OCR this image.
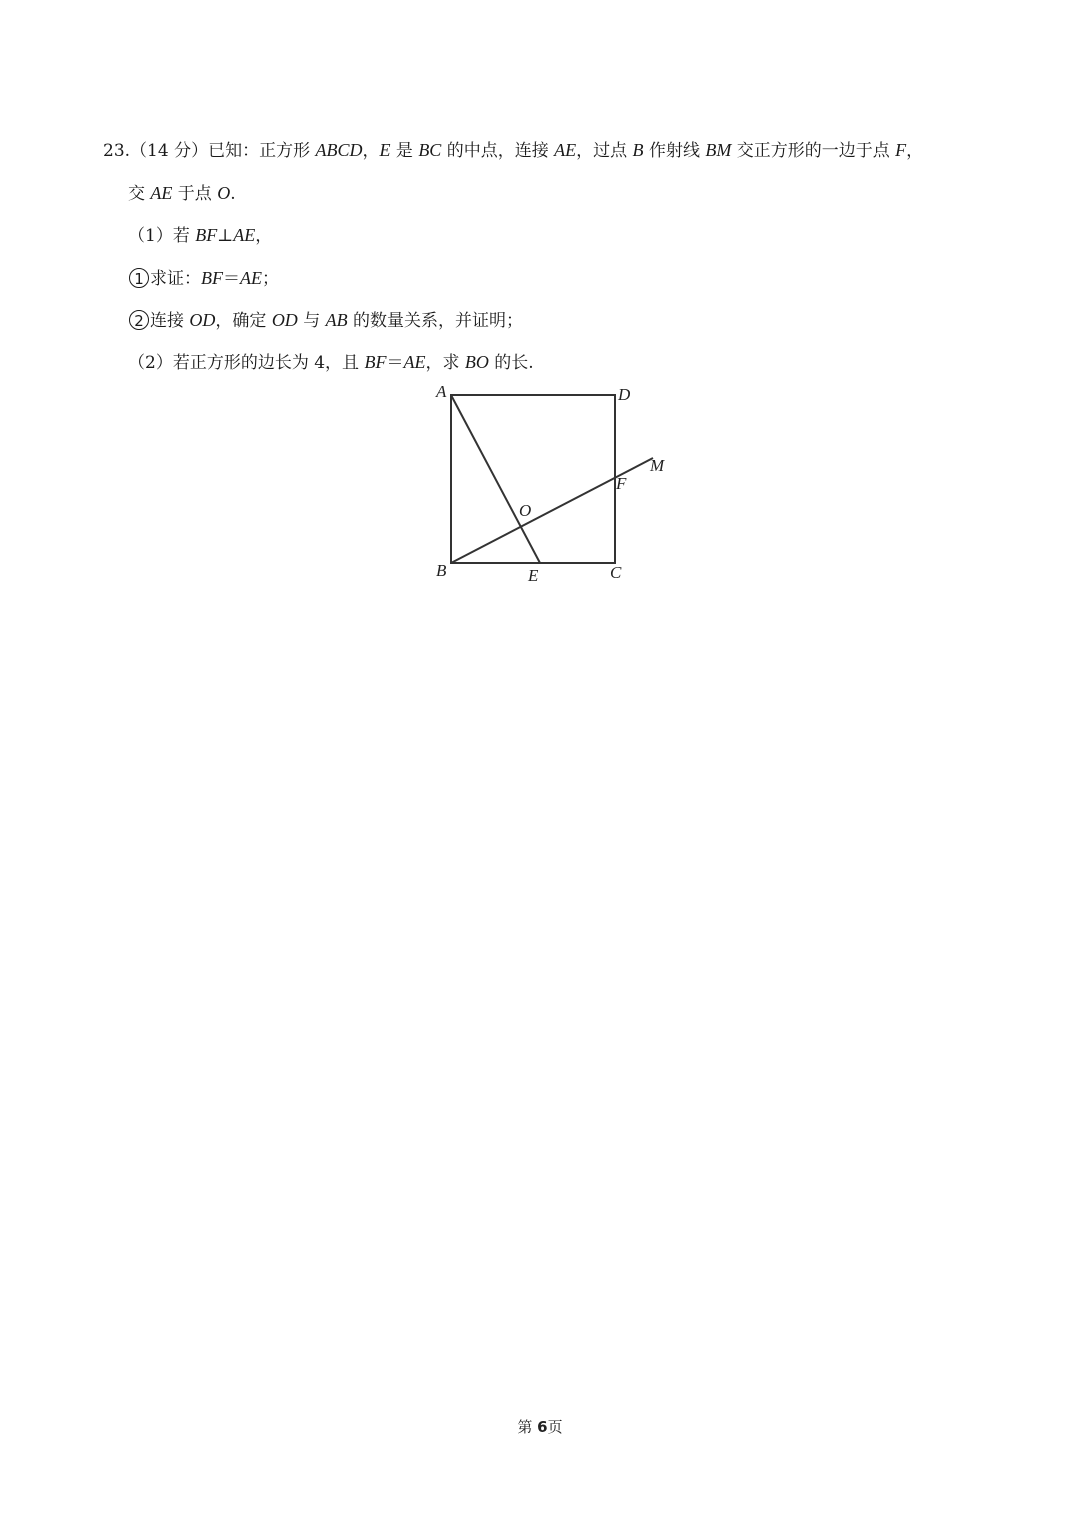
23.（14 分）已知：正方形 ABCD，E 是 BC 的中点，连接 AE，过点 B 作射线 BM 交正方形的一边于点 F，
交 AE 于点 O.
（1）若 BF⊥AE，
1 求证：BF＝AE；
2 连接 OD，确定 OD 与 AB 的数量关系，并证明；
（2）若正方形的边长为 4，且 BF＝AE，求 BO 的长.
A	D
M
F
O
B	E	C
第 6页
